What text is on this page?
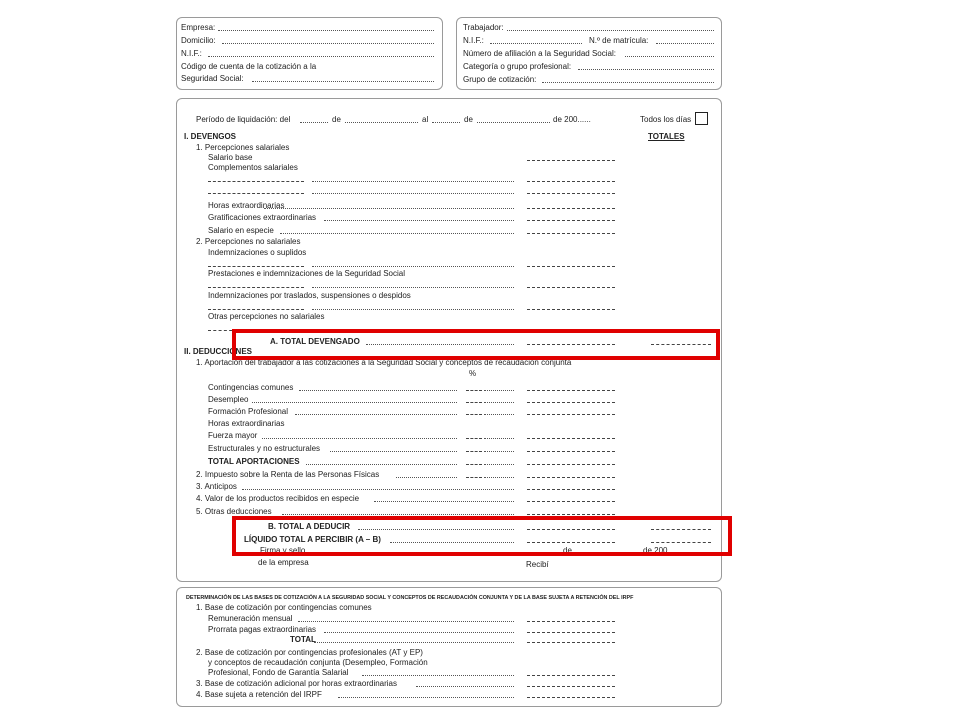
Empresa:
Domicilio:
N.I.F.:
Código de cuenta de la cotización a la
Seguridad Social:
Trabajador:
N.I.F.:	N.º de matrícula:
Número de afiliación a la Seguridad Social:
Categoría o grupo profesional:
Grupo de cotización:
Período de liquidación: del	de	al	de	de 200......	Todos los días
I. DEVENGOS	TOTALES
1. Percepciones salariales
Salario base
Complementos salariales
Horas extraordinarias
Gratificaciones extraordinarias
Salario en especie
2. Percepciones no salariales
Indemnizaciones o suplidos
Prestaciones e indemnizaciones de la Seguridad Social
Indemnizaciones por traslados, suspensiones o despidos
Otras percepciones no salariales
A. TOTAL DEVENGADO
II. DEDUCCIONES
1. Aportación del trabajador a las cotizaciones a la Seguridad Social y conceptos de recaudación conjunta
%
Contingencias comunes
Desempleo
Formación Profesional
Horas extraordinarias
Fuerza mayor
Estructurales y no estructurales
TOTAL APORTACIONES
2. Impuesto sobre la Renta de las Personas Físicas
3. Anticipos
4. Valor de los productos recibidos en especie
5. Otras deducciones
B. TOTAL A DEDUCIR
LÍQUIDO TOTAL A PERCIBIR (A – B)
Firma y sello
de la empresa
de	de 200......
Recibí
DETERMINACIÓN DE LAS BASES DE COTIZACIÓN A LA SEGURIDAD SOCIAL Y CONCEPTOS DE RECAUDACIÓN CONJUNTA Y DE LA BASE SUJETA A RETENCIÓN DEL IRPF
1. Base de cotización por contingencias comunes
Remuneración mensual
Prorrata pagas extraordinarias
TOTAL
2. Base de cotización por contingencias profesionales (AT y EP)
y conceptos de recaudación conjunta (Desempleo, Formación
Profesional, Fondo de Garantía Salarial
3. Base de cotización adicional por horas extraordinarias
4. Base sujeta a retención del IRPF
